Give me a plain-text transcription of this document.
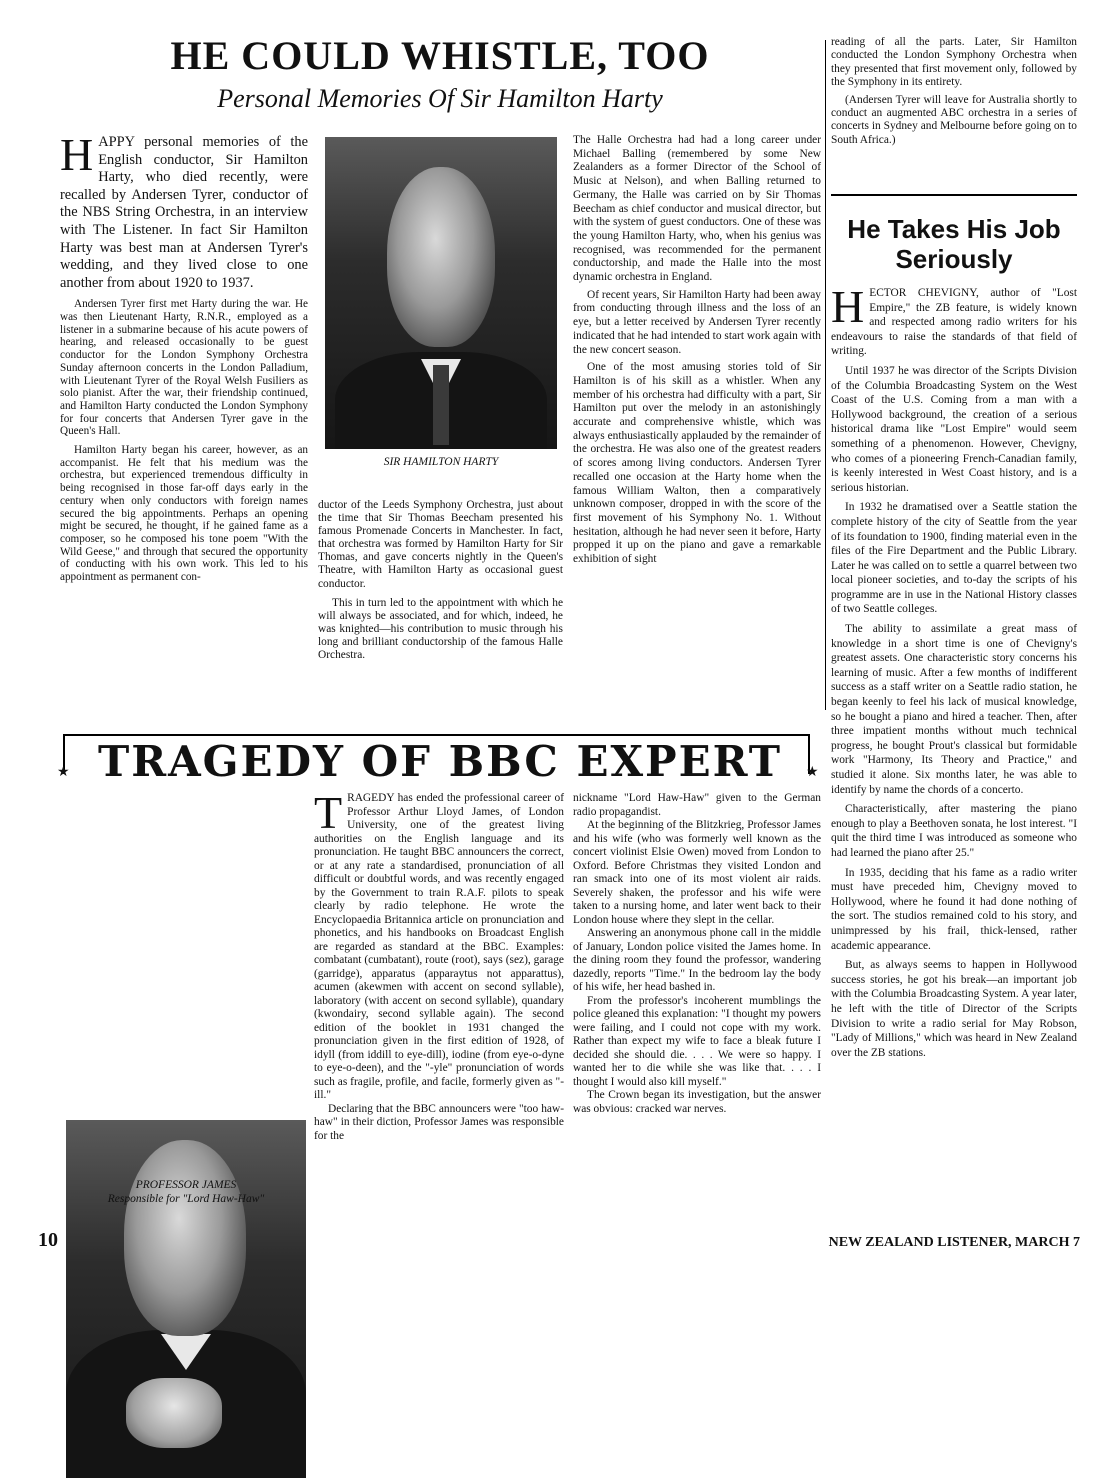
HE COULD WHISTLE, TOO
Personal Memories Of Sir Hamilton Harty

HAPPY personal memories of the English conductor, Sir Hamilton Harty, who died recently, were recalled by Andersen Tyrer, conductor of the NBS String Orchestra, in an interview with The Listener. In fact Sir Hamilton Harty was best man at Andersen Tyrer's wedding, and they lived close to one another from about 1920 to 1937.

Andersen Tyrer first met Harty during the war. He was then Lieutenant Harty, R.N.R., employed as a listener in a submarine because of his acute powers of hearing, and released occasionally to be guest conductor for the London Symphony Orchestra Sunday afternoon concerts in the London Palladium, with Lieutenant Tyrer of the Royal Welsh Fusiliers as solo pianist. After the war, their friendship continued, and Hamilton Harty conducted the London Symphony for four concerts that Andersen Tyrer gave in the Queen's Hall.

Hamilton Harty began his career, however, as an accompanist. He felt that his medium was the orchestra, but experienced tremendous difficulty in being recognised in those far-off days early in the century when only conductors with foreign names secured the big appointments. Perhaps an opening might be secured, he thought, if he gained fame as a composer, so he composed his tone poem "With the Wild Geese," and through that secured the opportunity of conducting with his own work. This led to his appointment as permanent con-

SIR HAMILTON HARTY

ductor of the Leeds Symphony Orchestra, just about the time that Sir Thomas Beecham presented his famous Promenade Concerts in Manchester. In fact, that orchestra was formed by Hamilton Harty for Sir Thomas, and gave concerts nightly in the Queen's Theatre, with Hamilton Harty as occasional guest conductor.

This in turn led to the appointment with which he will always be associated, and for which, indeed, he was knighted—his contribution to music through his long and brilliant conductorship of the famous Halle Orchestra.

The Halle Orchestra had had a long career under Michael Balling (remembered by some New Zealanders as a former Director of the School of Music at Nelson), and when Balling returned to Germany, the Halle was carried on by Sir Thomas Beecham as chief conductor and musical director, but with the system of guest conductors. One of these was the young Hamilton Harty, who, when his genius was recognised, was recommended for the permanent conductorship, and made the Halle into the most dynamic orchestra in England.

Of recent years, Sir Hamilton Harty had been away from conducting through illness and the loss of an eye, but a letter received by Andersen Tyrer recently indicated that he had intended to start work again with the new concert season.

One of the most amusing stories told of Sir Hamilton is of his skill as a whistler. When any member of his orchestra had difficulty with a part, Sir Hamilton put over the melody in an astonishingly accurate and comprehensive whistle, which was always enthusiastically applauded by the remainder of the orchestra. He was also one of the greatest readers of scores among living conductors. Andersen Tyrer recalled one occasion at the Harty home when the famous William Walton, then a comparatively unknown composer, dropped in with the score of the first movement of his Symphony No. 1. Without hesitation, although he had never seen it before, Harty propped it up on the piano and gave a remarkable exhibition of sight

reading of all the parts. Later, Sir Hamilton conducted the London Symphony Orchestra when they presented that first movement only, followed by the Symphony in its entirety.

(Andersen Tyrer will leave for Australia shortly to conduct an augmented ABC orchestra in a series of concerts in Sydney and Melbourne before going on to South Africa.)

He Takes His Job Seriously

HECTOR CHEVIGNY, author of "Lost Empire," the ZB feature, is widely known and respected among radio writers for his endeavours to raise the standards of that field of writing.

Until 1937 he was director of the Scripts Division of the Columbia Broadcasting System on the West Coast of the U.S. Coming from a man with a Hollywood background, the creation of a serious historical drama like "Lost Empire" would seem something of a phenomenon. However, Chevigny, who comes of a pioneering French-Canadian family, is keenly interested in West Coast history, and is a serious historian.

In 1932 he dramatised over a Seattle station the complete history of the city of Seattle from the year of its foundation to 1900, finding material even in the files of the Fire Department and the Public Library. Later he was called on to settle a quarrel between two local pioneer societies, and to-day the scripts of his programme are in use in the National History classes of two Seattle colleges.

The ability to assimilate a great mass of knowledge in a short time is one of Chevigny's greatest assets. One characteristic story concerns his learning of music. After a few months of indifferent success as a staff writer on a Seattle radio station, he began keenly to feel his lack of musical knowledge, so he bought a piano and hired a teacher. Then, after three impatient months without much technical progress, he bought Prout's classical but formidable work "Harmony, Its Theory and Practice," and studied it alone. Six months later, he was able to identify by name the chords of a concerto.

Characteristically, after mastering the piano enough to play a Beethoven sonata, he lost interest. "I quit the third time I was introduced as someone who had learned the piano after 25."

In 1935, deciding that his fame as a radio writer must have preceded him, Chevigny moved to Hollywood, where he found it had done nothing of the sort. The studios remained cold to his story, and unimpressed by his frail, thick-lensed, rather academic appearance.

But, as always seems to happen in Hollywood success stories, he got his break—an important job with the Columbia Broadcasting System. A year later, he left with the title of Director of the Scripts Division to write a radio serial for May Robson, "Lady of Millions," which was heard in New Zealand over the ZB stations.

★	★
TRAGEDY OF BBC EXPERT
PROFESSOR JAMES
Responsible for "Lord Haw-Haw"

TRAGEDY has ended the professional career of Professor Arthur Lloyd James, of London University, one of the greatest living authorities on the English language and its pronunciation. He taught BBC announcers the correct, or at any rate a standardised, pronunciation of all difficult or doubtful words, and was recently engaged by the Government to train R.A.F. pilots to speak clearly by radio telephone. He wrote the Encyclopaedia Britannica article on pronunciation and phonetics, and his handbooks on Broadcast English are regarded as standard at the BBC. Examples: combatant (cumbatant), route (root), says (sez), garage (garridge), apparatus (apparaytus not apparattus), acumen (akewmen with accent on second syllable), laboratory (with accent on second syllable), quandary (kwondairy, second syllable again). The second edition of the booklet in 1931 changed the pronunciation given in the first edition of 1928, of idyll (from iddill to eye-dill), iodine (from eye-o-dyne to eye-o-deen), and the "-yle" pronunciation of words such as fragile, profile, and facile, formerly given as "-ill."

Declaring that the BBC announcers were "too haw-haw" in their diction, Professor James was responsible for the

nickname "Lord Haw-Haw" given to the German radio propagandist.

At the beginning of the Blitzkrieg, Professor James and his wife (who was formerly well known as the concert violinist Elsie Owen) moved from London to Oxford. Before Christmas they visited London and ran smack into one of its most violent air raids. Severely shaken, the professor and his wife were taken to a nursing home, and later went back to their London house where they slept in the cellar.

Answering an anonymous phone call in the middle of January, London police visited the James home. In the dining room they found the professor, wandering dazedly, reports "Time." In the bedroom lay the body of his wife, her head bashed in.

From the professor's incoherent mumblings the police gleaned this explanation: "I thought my powers were failing, and I could not cope with my work. Rather than expect my wife to face a bleak future I decided she should die. . . . We were so happy. I wanted her to die while she was like that. . . . I thought I would also kill myself."

The Crown began its investigation, but the answer was obvious: cracked war nerves.

10	NEW ZEALAND LISTENER, MARCH 7
